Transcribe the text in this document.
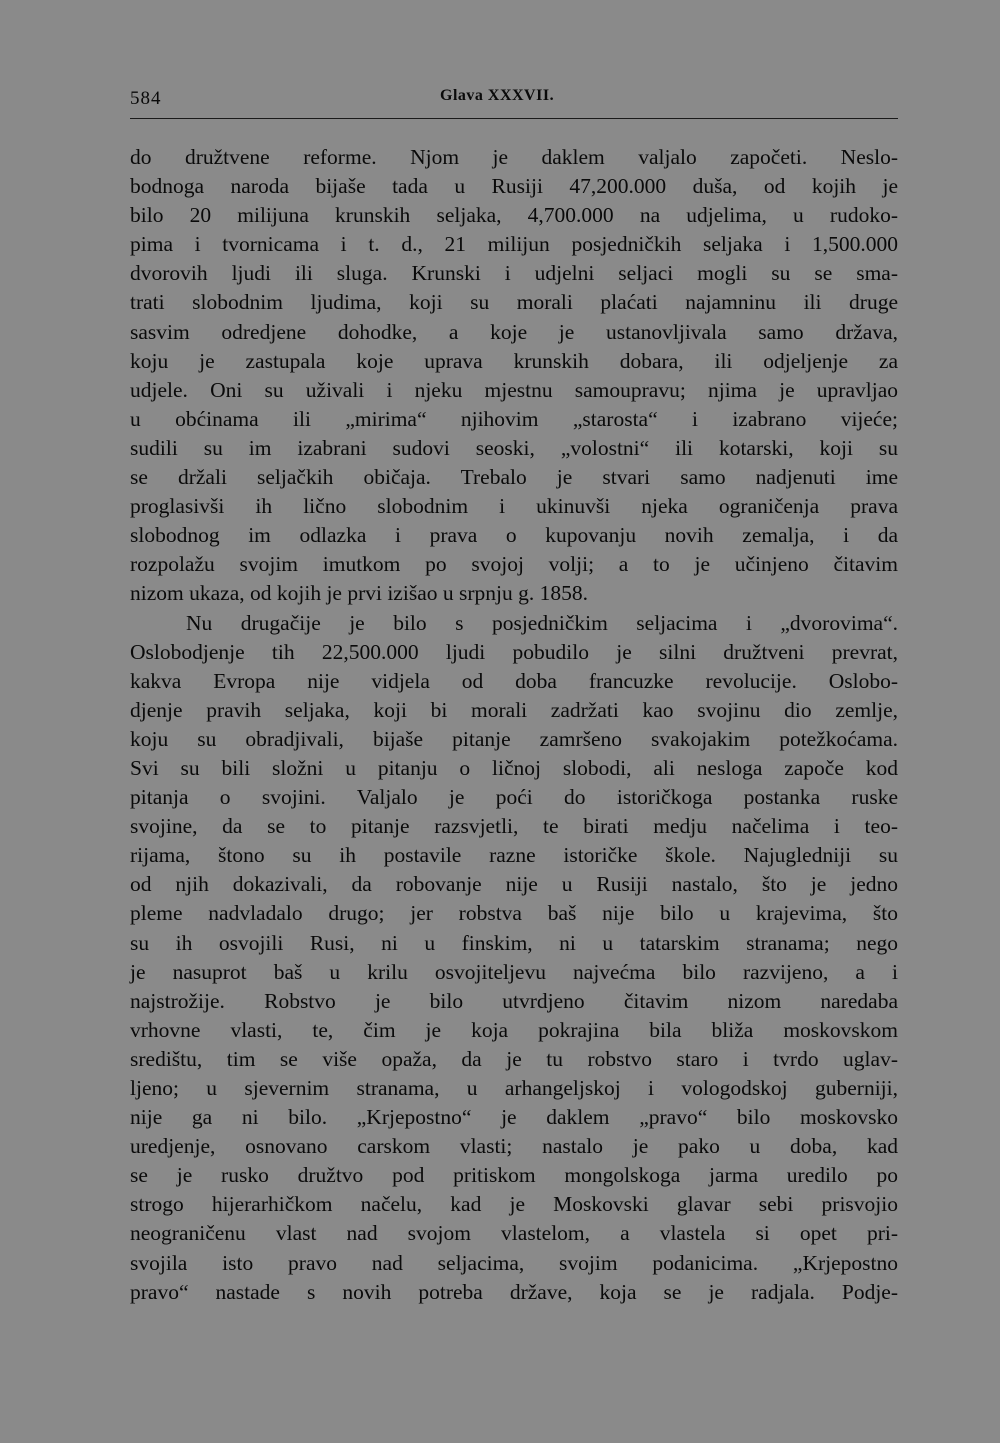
584	Glava XXXVII.
do družtvene reforme. Njom je daklem valjalo započeti. Neslo-
bodnoga naroda bijaše tada u Rusiji 47,200.000 duša, od kojih je
bilo 20 milijuna krunskih seljaka, 4,700.000 na udjelima, u rudoko-
pima i tvornicama i t. d., 21 milijun posjedničkih seljaka i 1,500.000
dvorovih ljudi ili sluga. Krunski i udjelni seljaci mogli su se sma-
trati slobodnim ljudima, koji su morali plaćati najamninu ili druge
sasvim odredjene dohodke, a koje je ustanovljivala samo država,
koju je zastupala koje uprava krunskih dobara, ili odjeljenje za
udjele. Oni su uživali i njeku mjestnu samoupravu; njima je upravljao
u obćinama ili „mirima“ njihovim „starosta“ i izabrano vijeće;
sudili su im izabrani sudovi seoski, „volostni“ ili kotarski, koji su
se držali seljačkih običaja. Trebalo je stvari samo nadjenuti ime
proglasivši ih lično slobodnim i ukinuvši njeka ograničenja prava
slobodnog im odlazka i prava o kupovanju novih zemalja, i da
rozpolažu svojim imutkom po svojoj volji; a to je učinjeno čitavim
nizom ukaza, od kojih je prvi izišao u srpnju g. 1858.
Nu drugačije je bilo s posjedničkim seljacima i „dvorovima“.
Oslobodjenje tih 22,500.000 ljudi pobudilo je silni družtveni prevrat,
kakva Evropa nije vidjela od doba francuzke revolucije. Oslobo-
djenje pravih seljaka, koji bi morali zadržati kao svojinu dio zemlje,
koju su obradjivali, bijaše pitanje zamršeno svakojakim potežkoćama.
Svi su bili složni u pitanju o ličnoj slobodi, ali nesloga započe kod
pitanja o svojini. Valjalo je poći do istoričkoga postanka ruske
svojine, da se to pitanje razsvjetli, te birati medju načelima i teo-
rijama, štono su ih postavile razne istoričke škole. Najugledniji su
od njih dokazivali, da robovanje nije u Rusiji nastalo, što je jedno
pleme nadvladalo drugo; jer robstva baš nije bilo u krajevima, što
su ih osvojili Rusi, ni u finskim, ni u tatarskim stranama; nego
je nasuprot baš u krilu osvojiteljevu najvećma bilo razvijeno, a i
najstrožije. Robstvo je bilo utvrdjeno čitavim nizom naredaba
vrhovne vlasti, te, čim je koja pokrajina bila bliža moskovskom
središtu, tim se više opaža, da je tu robstvo staro i tvrdo uglav-
ljeno; u sjevernim stranama, u arhangeljskoj i vologodskoj guberniji,
nije ga ni bilo. „Krjepostno“ je daklem „pravo“ bilo moskovsko
uredjenje, osnovano carskom vlasti; nastalo je pako u doba, kad
se je rusko družtvo pod pritiskom mongolskoga jarma uredilo po
strogo hijerarhičkom načelu, kad je Moskovski glavar sebi prisvojio
neograničenu vlast nad svojom vlastelom, a vlastela si opet pri-
svojila isto pravo nad seljacima, svojim podanicima. „Krjepostno
pravo“ nastade s novih potreba države, koja se je radjala. Podje-
